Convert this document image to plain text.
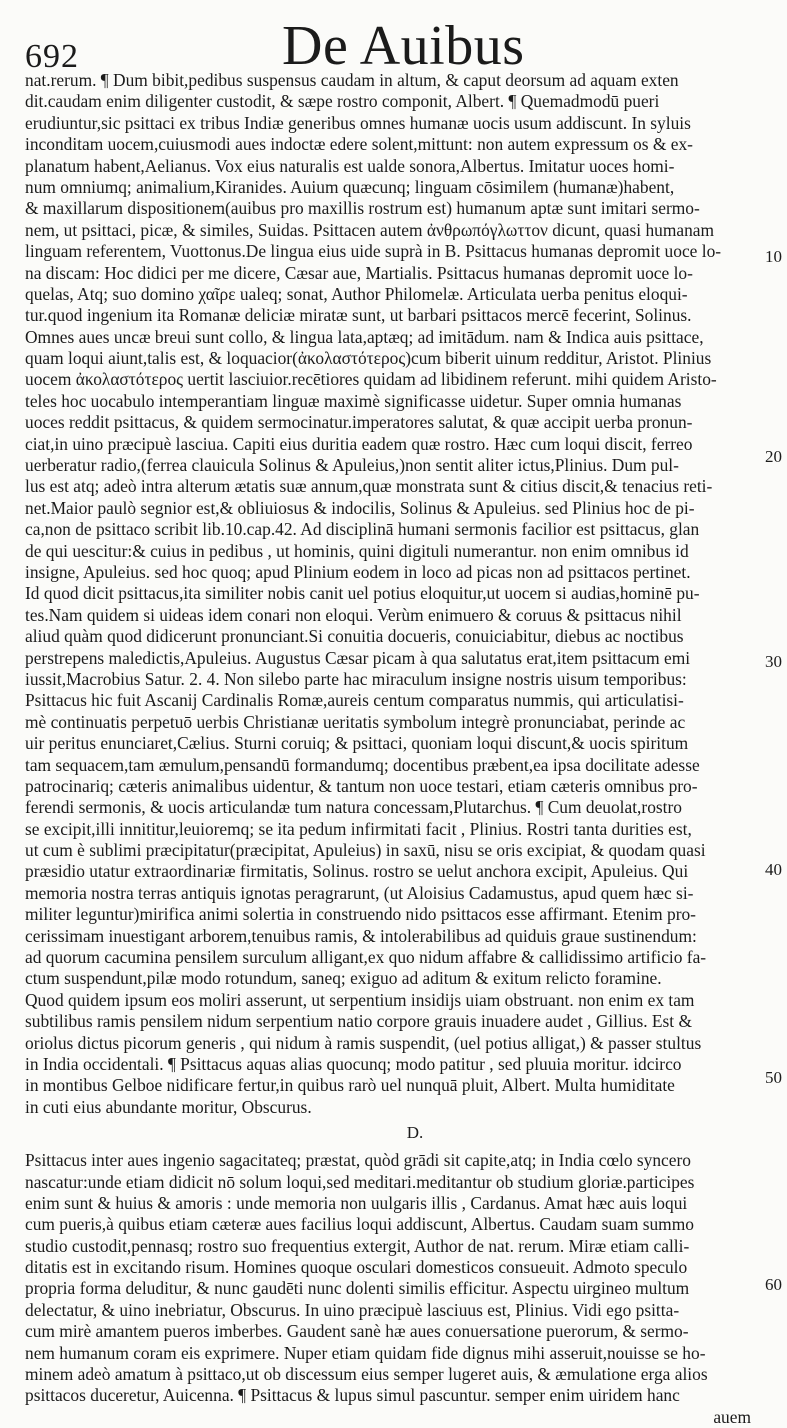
692	De Auibus
nat.rerum. ¶ Dum bibit,pedibus suspensus caudam in altum, & caput deorsum ad aquam exten
dit.caudam enim diligenter custodit, & sæpe rostro componit, Albert. ¶ Quemadmodū pueri
erudiuntur,sic psittaci ex tribus Indiæ generibus omnes humanæ uocis usum addiscunt. In syluis
inconditam uocem,cuiusmodi aues indoctæ edere solent,mittunt: non autem expressum os & ex-
planatum habent,Aelianus. Vox eius naturalis est ualde sonora,Albertus. Imitatur uoces homi-
num omniumq; animalium,Kiranides. Auium quæcunq; linguam cōsimilem (humanæ)habent,
& maxillarum dispositionem(auibus pro maxillis rostrum est) humanum aptæ sunt imitari sermo-
nem, ut psittaci, picæ, & similes, Suidas. Psittacen autem ἀνθρωπόγλωττον dicunt, quasi humanam
linguam referentem, Vuottonus.De lingua eius uide suprà in B. Psittacus humanas depromit uoce lo-
na discam: Hoc didici per me dicere, Cæsar aue, Martialis. Psittacus humanas depromit uoce lo-
quelas, Atq; suo domino χαῖρε ualeq; sonat, Author Philomelæ. Articulata uerba penitus eloqui-
tur.quod ingenium ita Romanæ deliciæ miratæ sunt, ut barbari psittacos mercē fecerint, Solinus.
Omnes aues uncæ breui sunt collo, & lingua lata,aptæq; ad imitādum. nam & Indica auis psittace,
quam loqui aiunt,talis est, & loquacior(ἀκολαστότερος)cum biberit uinum redditur, Aristot. Plinius
uocem ἀκολαστότερος uertit lasciuior.recētiores quidam ad libidinem referunt. mihi quidem Aristo-
teles hoc uocabulo intemperantiam linguæ maximè significasse uidetur. Super omnia humanas
uoces reddit psittacus, & quidem sermocinatur.imperatores salutat, & quæ accipit uerba pronun-
ciat,in uino præcipuè lasciua. Capiti eius duritia eadem quæ rostro. Hæc cum loqui discit, ferreo
uerberatur radio,(ferrea clauicula Solinus & Apuleius,)non sentit aliter ictus,Plinius. Dum pul-
lus est atq; adeò intra alterum ætatis suæ annum,quæ monstrata sunt & citius discit,& tenacius reti-
net.Maior paulò segnior est,& obliuiosus & indocilis, Solinus & Apuleius. sed Plinius hoc de pi-
ca,non de psittaco scribit lib.10.cap.42. Ad disciplinā humani sermonis facilior est psittacus, glan
de qui uescitur:& cuius in pedibus , ut hominis, quini digituli numerantur. non enim omnibus id
insigne, Apuleius. sed hoc quoq; apud Plinium eodem in loco ad picas non ad psittacos pertinet.
Id quod dicit psittacus,ita similiter nobis canit uel potius eloquitur,ut uocem si audias,hominē pu-
tes.Nam quidem si uideas idem conari non eloqui. Verùm enimuero & coruus & psittacus nihil
aliud quàm quod didicerunt pronunciant.Si conuitia docueris, conuiciabitur, diebus ac noctibus
perstrepens maledictis,Apuleius. Augustus Cæsar picam à qua salutatus erat,item psittacum emi
iussit,Macrobius Satur. 2. 4. Non silebo parte hac miraculum insigne nostris uisum temporibus:
Psittacus hic fuit Ascanij Cardinalis Romæ,aureis centum comparatus nummis, qui articulatisi-
mè continuatis perpetuō uerbis Christianæ ueritatis symbolum integrè pronunciabat, perinde ac
uir peritus enunciaret,Cælius. Sturni coruiq; & psittaci, quoniam loqui discunt,& uocis spiritum
tam sequacem,tam æmulum,pensandū formandumq; docentibus præbent,ea ipsa docilitate adesse
patrocinariq; cæteris animalibus uidentur, & tantum non uoce testari, etiam cæteris omnibus pro-
ferendi sermonis, & uocis articulandæ tum natura concessam,Plutarchus. ¶ Cum deuolat,rostro
se excipit,illi innititur,leuioremq; se ita pedum infirmitati facit , Plinius. Rostri tanta durities est,
ut cum è sublimi præcipitatur(præcipitat, Apuleius) in saxū, nisu se oris excipiat, & quodam quasi
præsidio utatur extraordinariæ firmitatis, Solinus. rostro se uelut anchora excipit, Apuleius. Qui
memoria nostra terras antiquis ignotas peragrarunt, (ut Aloisius Cadamustus, apud quem hæc si-
militer leguntur)mirifica animi solertia in construendo nido psittacos esse affirmant. Etenim pro-
cerissimam inuestigant arborem,tenuibus ramis, & intolerabilibus ad quiduis graue sustinendum:
ad quorum cacumina pensilem surculum alligant,ex quo nidum affabre & callidissimo artificio fa-
ctum suspendunt,pilæ modo rotundum, saneq; exiguo ad aditum & exitum relicto foramine.
Quod quidem ipsum eos moliri asserunt, ut serpentium insidijs uiam obstruant. non enim ex tam
subtilibus ramis pensilem nidum serpentium natio corpore grauis inuadere audet , Gillius. Est &
oriolus dictus picorum generis , qui nidum à ramis suspendit, (uel potius alligat,) & passer stultus
in India occidentali. ¶ Psittacus aquas alias quocunq; modo patitur , sed pluuia moritur. idcirco
in montibus Gelboe nidificare fertur,in quibus rarò uel nunquā pluit, Albert. Multa humiditate
in cuti eius abundante moritur, Obscurus.
D.
Psittacus inter aues ingenio sagacitateq; præstat, quòd grādi sit capite,atq; in India cœlo syncero
nascatur:unde etiam didicit nō solum loqui,sed meditari.meditantur ob studium gloriæ.participes
enim sunt & huius & amoris : unde memoria non uulgaris illis , Cardanus. Amat hæc auis loqui
cum pueris,à quibus etiam cæteræ aues facilius loqui addiscunt, Albertus. Caudam suam summo
studio custodit,pennasq; rostro suo frequentius extergit, Author de nat. rerum. Miræ etiam calli-
ditatis est in excitando risum. Homines quoque osculari domesticos consueuit. Admoto speculo
propria forma deluditur, & nunc gaudēti nunc dolenti similis efficitur. Aspectu uirgineo multum
delectatur, & uino inebriatur, Obscurus. In uino præcipuè lasciuus est, Plinius. Vidi ego psitta-
cum mirè amantem pueros imberbes. Gaudent sanè hæ aues conuersatione puerorum, & sermo-
nem humanum coram eis exprimere. Nuper etiam quidam fide dignus mihi asseruit,nouisse se ho-
minem adeò amatum à psittaco,ut ob discessum eius semper lugeret auis, & æmulatione erga alios
psittacos duceretur, Auicenna. ¶ Psittacus & lupus simul pascuntur. semper enim uiridem hanc
auem
10
20
30
40
50
60
